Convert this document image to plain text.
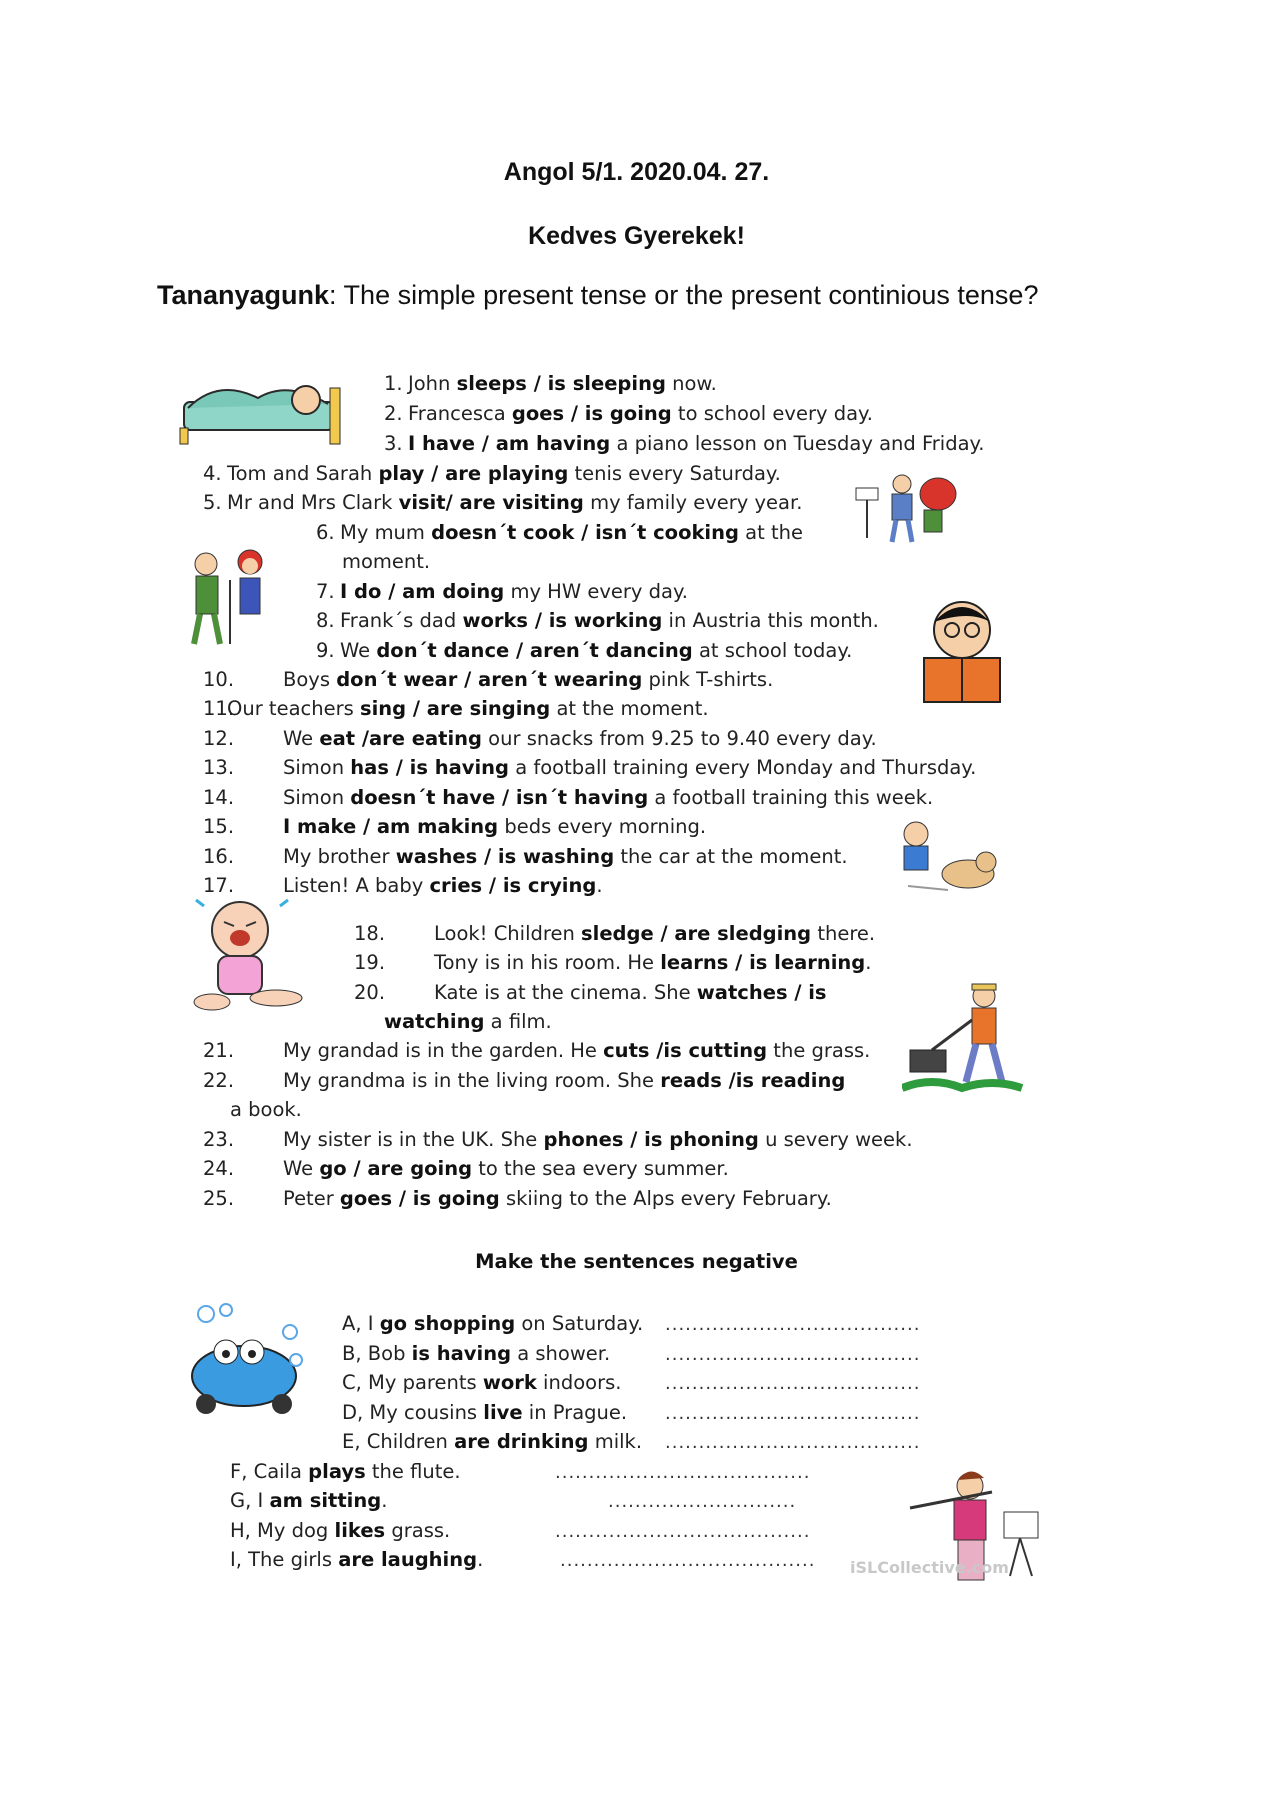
Angol 5/1. 2020.04. 27.
Kedves Gyerekek!
Tananyagunk: The simple present tense or the present continious tense?
1. John sleeps / is sleeping now.
2. Francesca goes / is going to school every day.
3. I have / am having a piano lesson on Tuesday and Friday.
4. Tom and Sarah play / are playing tenis every Saturday.
5. Mr and Mrs Clark visit/ are visiting my family every year.
6. My mum doesn´t cook / isn´t cooking at the
moment.
7. I do / am doing my HW every day.
8. Frank´s dad works / is working in Austria this month.
9. We don´t dance / aren´t dancing at school today.
10.	Boys don´t wear / aren´t wearing pink T-shirts.
11.Our teachers sing / are singing at the moment.
12.	We eat /are eating our snacks from 9.25 to 9.40 every day.
13.	Simon has / is having a football training every Monday and Thursday.
14.	Simon doesn´t have / isn´t having a football training this week.
15.	I make / am making beds every morning.
16.	My brother washes / is washing the car at the moment.
17.	Listen! A baby cries / is crying.
18.	Look! Children sledge / are sledging there.
19.	Tony is in his room. He learns / is learning.
20.	Kate is at the cinema. She watches / is
watching a film.
21.	My grandad is in the garden. He cuts /is cutting the grass.
22.	My grandma is in the living room. She reads /is reading
a book.
23.	My sister is in the UK. She phones / is phoning u severy week.
24.	We go / are going to the sea every summer.
25.	Peter goes / is going skiing to the Alps every February.
Make the sentences negative
A, I go shopping on Saturday. ......................................
B, Bob is having a shower.	......................................
C, My parents work indoors. ......................................
D, My cousins live in Prague. ......................................
E, Children are drinking milk. ......................................
F, Caila plays the flute.	......................................
G, I am sitting.	............................
H, My dog likes grass.	......................................
I, The girls are laughing.	...................................... iSLCollective.com
